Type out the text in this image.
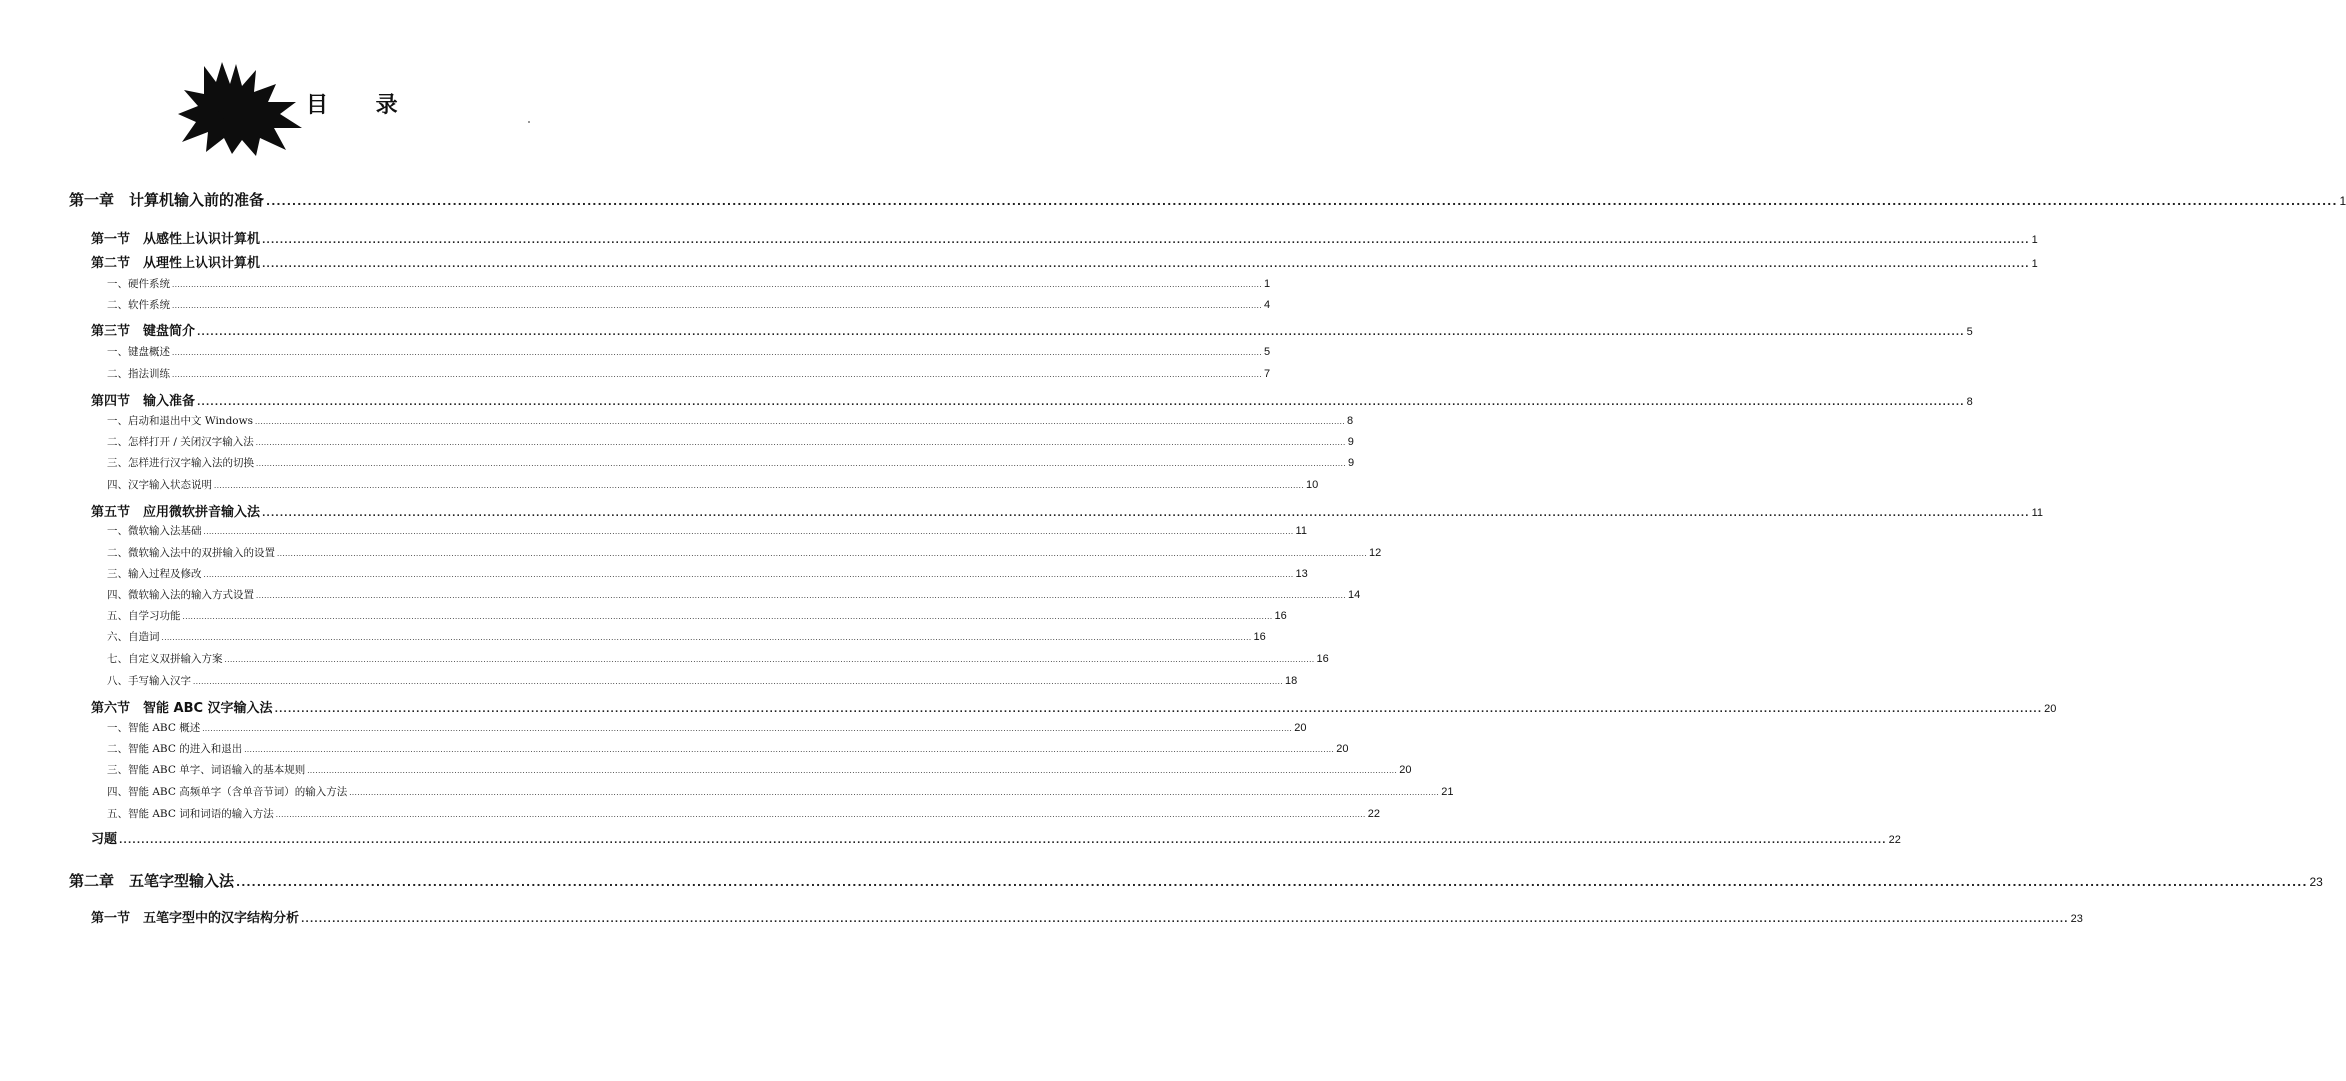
目 录
第一章　计算机输入前的准备 ................................................................................................................................................................................................................................................................................................................................................................................................................ 1
第一节　从感性上认识计算机 ................................................................................................................................................................................................................................................................................................................................................................................................................ 1
第二节　从理性上认识计算机 ................................................................................................................................................................................................................................................................................................................................................................................................................ 1
一、硬件系统 ................................................................................................................................................................................................................................................................................................................................................................................................................ 1
二、软件系统 ................................................................................................................................................................................................................................................................................................................................................................................................................ 4
第三节　键盘简介 ................................................................................................................................................................................................................................................................................................................................................................................................................ 5
一、键盘概述 ................................................................................................................................................................................................................................................................................................................................................................................................................ 5
二、指法训练 ................................................................................................................................................................................................................................................................................................................................................................................................................ 7
第四节　输入准备 ................................................................................................................................................................................................................................................................................................................................................................................................................ 8
一、启动和退出中文 Windows ................................................................................................................................................................................................................................................................................................................................................................................................................ 8
二、怎样打开 / 关闭汉字输入法 ................................................................................................................................................................................................................................................................................................................................................................................................................ 9
三、怎样进行汉字输入法的切换 ................................................................................................................................................................................................................................................................................................................................................................................................................ 9
四、汉字输入状态说明 ................................................................................................................................................................................................................................................................................................................................................................................................................ 10
第五节　应用微软拼音输入法 ................................................................................................................................................................................................................................................................................................................................................................................................................ 11
一、微软输入法基础 ................................................................................................................................................................................................................................................................................................................................................................................................................ 11
二、微软输入法中的双拼输入的设置 ................................................................................................................................................................................................................................................................................................................................................................................................................ 12
三、输入过程及修改 ................................................................................................................................................................................................................................................................................................................................................................................................................ 13
四、微软输入法的输入方式设置 ................................................................................................................................................................................................................................................................................................................................................................................................................ 14
五、自学习功能 ................................................................................................................................................................................................................................................................................................................................................................................................................ 16
六、自造词 ................................................................................................................................................................................................................................................................................................................................................................................................................ 16
七、自定义双拼输入方案 ................................................................................................................................................................................................................................................................................................................................................................................................................ 16
八、手写输入汉字 ................................................................................................................................................................................................................................................................................................................................................................................................................ 18
第六节　智能 ABC 汉字输入法 ................................................................................................................................................................................................................................................................................................................................................................................................................ 20
一、智能 ABC 概述 ................................................................................................................................................................................................................................................................................................................................................................................................................ 20
二、智能 ABC 的进入和退出 ................................................................................................................................................................................................................................................................................................................................................................................................................ 20
三、智能 ABC 单字、词语输入的基本规则 ................................................................................................................................................................................................................................................................................................................................................................................................................ 20
四、智能 ABC 高频单字（含单音节词）的输入方法 ................................................................................................................................................................................................................................................................................................................................................................................................................ 21
五、智能 ABC 词和词语的输入方法 ................................................................................................................................................................................................................................................................................................................................................................................................................ 22
习题 ................................................................................................................................................................................................................................................................................................................................................................................................................ 22
第二章　五笔字型输入法 ................................................................................................................................................................................................................................................................................................................................................................................................................ 23
第一节　五笔字型中的汉字结构分析 ................................................................................................................................................................................................................................................................................................................................................................................................................ 23
